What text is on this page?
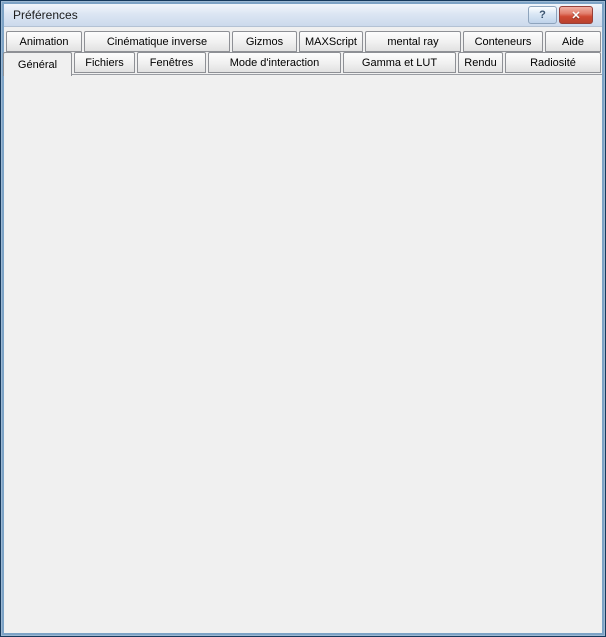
Préférences	? ✕
Animation	Cinématique inverse	Gizmos	MAXScript	mental ray	Conteneurs	Aide
Général	Fichiers	Fenêtres	Mode d'interaction	Gamma et LUT	Rendu	Radiosité
